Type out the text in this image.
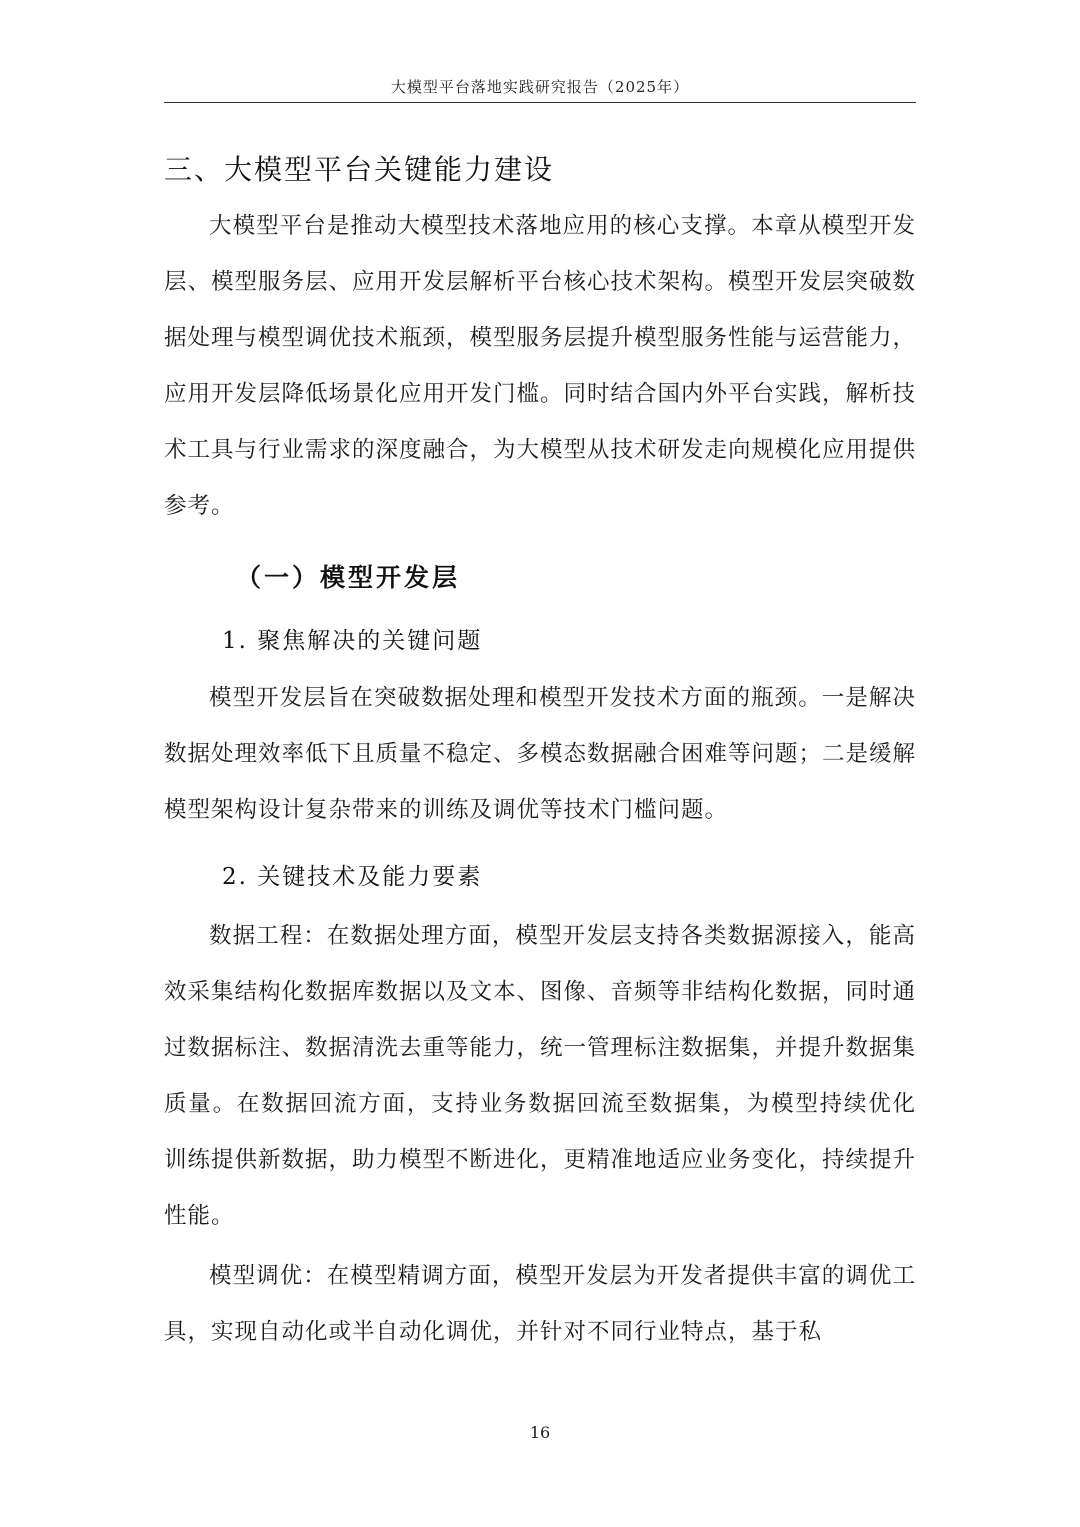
大模型平台落地实践研究报告（2025年）
三、大模型平台关键能力建设

大模型平台是推动大模型技术落地应用的核心支撑。本章从模型开发层、模型服务层、应用开发层解析平台核心技术架构。模型开发层突破数据处理与模型调优技术瓶颈，模型服务层提升模型服务性能与运营能力，应用开发层降低场景化应用开发门槛。同时结合国内外平台实践，解析技术工具与行业需求的深度融合，为大模型从技术研发走向规模化应用提供参考。

（一）模型开发层
1. 聚焦解决的关键问题

模型开发层旨在突破数据处理和模型开发技术方面的瓶颈。一是解决数据处理效率低下且质量不稳定、多模态数据融合困难等问题；二是缓解模型架构设计复杂带来的训练及调优等技术门槛问题。

2. 关键技术及能力要素

数据工程：在数据处理方面，模型开发层支持各类数据源接入，能高效采集结构化数据库数据以及文本、图像、音频等非结构化数据，同时通过数据标注、数据清洗去重等能力，统一管理标注数据集，并提升数据集质量。在数据回流方面，支持业务数据回流至数据集，为模型持续优化训练提供新数据，助力模型不断进化，更精准地适应业务变化，持续提升性能。

模型调优：在模型精调方面，模型开发层为开发者提供丰富的调优工具，实现自动化或半自动化调优，并针对不同行业特点，基于私

16
